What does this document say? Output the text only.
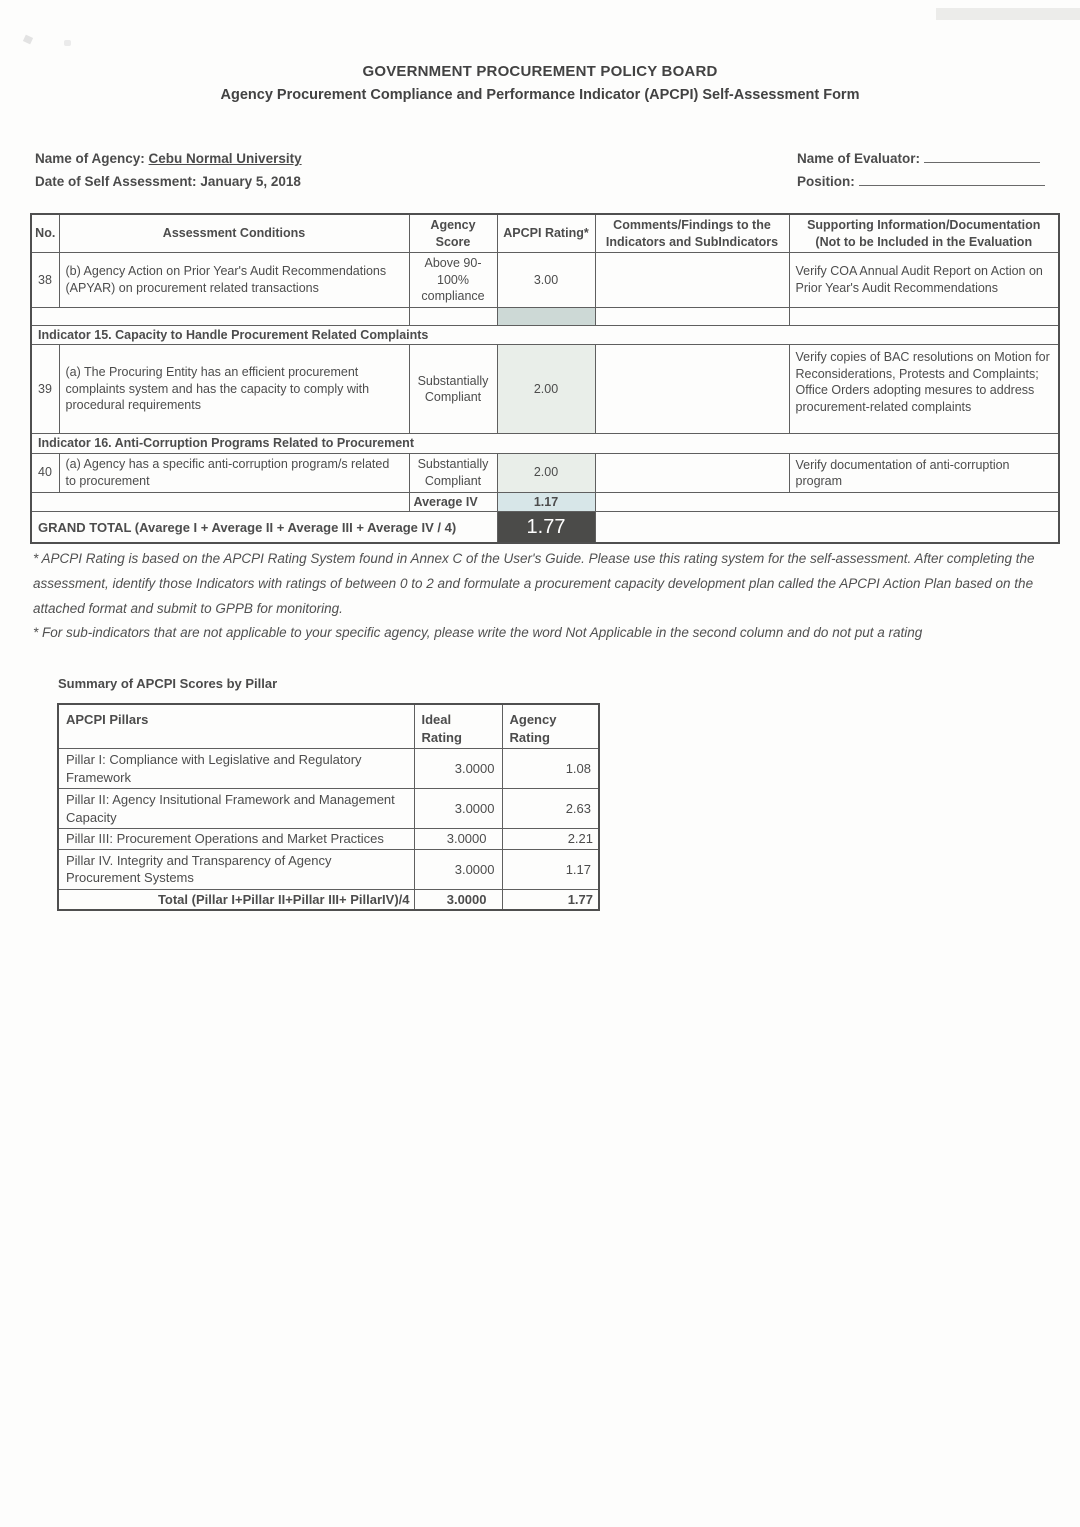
GOVERNMENT PROCUREMENT POLICY BOARD
Agency Procurement Compliance and Performance Indicator (APCPI) Self-Assessment Form
Name of Agency: Cebu Normal University
Date of Self Assessment: January 5, 2018
Name of Evaluator:
Position:
No.	Assessment Conditions	Agency Score	APCPI Rating*	Comments/Findings to the Indicators and SubIndicators	Supporting Information/Documentation (Not to be Included in the Evaluation
38	(b) Agency Action on Prior Year's Audit Recommendations (APYAR) on procurement related transactions	Above 90-100% compliance	3.00		Verify COA Annual Audit Report on Action on Prior Year's Audit Recommendations

Indicator 15. Capacity to Handle Procurement Related Complaints					
39	(a) The Procuring Entity has an efficient procurement complaints system and has the capacity to comply with procedural requirements	Substantially Compliant	2.00		Verify copies of BAC resolutions on Motion for Reconsiderations, Protests and Complaints; Office Orders adopting mesures to address procurement-related complaints
Indicator 16. Anti-Corruption Programs Related to Procurement					
40	(a) Agency has a specific anti-corruption program/s related to procurement	Substantially Compliant	2.00		Verify documentation of anti-corruption program
		Average IV	1.17		
GRAND TOTAL (Avarege I + Average II + Average III + Average IV / 4)			1.77		
* APCPI Rating is based on the APCPI Rating System found in Annex C of the User's Guide. Please use this rating system for the self-assessment. After completing the assessment, identify those Indicators with ratings of between 0 to 2 and formulate a procurement capacity development plan called the APCPI Action Plan based on the attached format and submit to GPPB for monitoring.
* For sub-indicators that are not applicable to your specific agency, please write the word Not Applicable in the second column and do not put a rating
Summary of APCPI Scores by Pillar
APCPI Pillars	Ideal Rating	Agency Rating
Pillar I: Compliance with Legislative and Regulatory Framework	3.0000	1.08
Pillar II: Agency Insitutional Framework and Management Capacity	3.0000	2.63
Pillar III: Procurement Operations and Market Practices	3.0000	2.21
Pillar IV. Integrity and Transparency of Agency Procurement Systems	3.0000	1.17
Total (Pillar I+Pillar II+Pillar III+ PillarIV)/4	3.0000	1.77
